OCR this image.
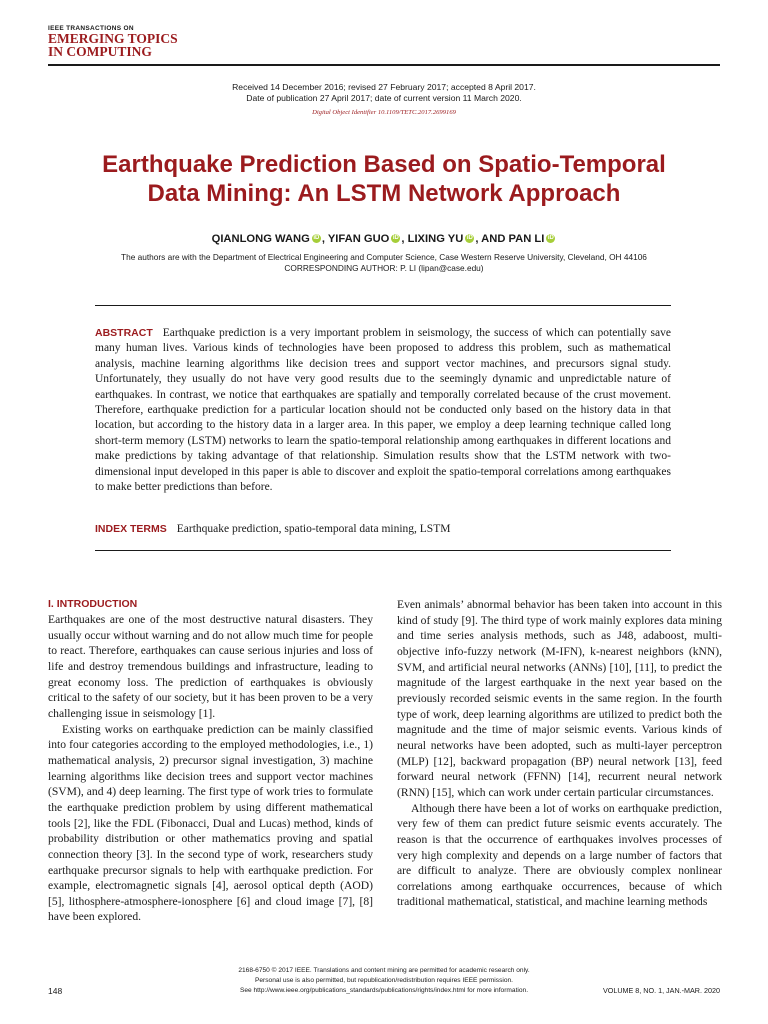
IEEE TRANSACTIONS ON
EMERGING TOPICS
IN COMPUTING
Received 14 December 2016; revised 27 February 2017; accepted 8 April 2017.
Date of publication 27 April 2017; date of current version 11 March 2020.
Digital Object Identifier 10.1109/TETC.2017.2699169
Earthquake Prediction Based on Spatio-Temporal
Data Mining: An LSTM Network Approach
QIANLONG WANG iD , YIFAN GUO iD , LIXING YU iD , AND PAN LI iD
The authors are with the Department of Electrical Engineering and Computer Science, Case Western Reserve University, Cleveland, OH 44106
CORRESPONDING AUTHOR: P. LI (lipan@case.edu)
ABSTRACT Earthquake prediction is a very important problem in seismology, the success of which can potentially save many human lives. Various kinds of technologies have been proposed to address this problem, such as mathematical analysis, machine learning algorithms like decision trees and support vector machines, and precursors signal study. Unfortunately, they usually do not have very good results due to the seemingly dynamic and unpredictable nature of earthquakes. In contrast, we notice that earthquakes are spatially and temporally correlated because of the crust movement. Therefore, earthquake prediction for a particular location should not be conducted only based on the history data in that location, but according to the history data in a larger area. In this paper, we employ a deep learning technique called long short-term memory (LSTM) networks to learn the spatio-temporal relationship among earthquakes in different locations and make predictions by taking advantage of that relationship. Simulation results show that the LSTM network with two-dimensional input developed in this paper is able to discover and exploit the spatio-temporal correlations among earthquakes to make better predictions than before.
INDEX TERMS Earthquake prediction, spatio-temporal data mining, LSTM
I. INTRODUCTION

Earthquakes are one of the most destructive natural disasters. They usually occur without warning and do not allow much time for people to react. Therefore, earthquakes can cause serious injuries and loss of life and destroy tremendous buildings and infrastructure, leading to great economy loss. The prediction of earthquakes is obviously critical to the safety of our society, but it has been proven to be a very challenging issue in seismology [1].

Existing works on earthquake prediction can be mainly classified into four categories according to the employed methodologies, i.e., 1) mathematical analysis, 2) precursor signal investigation, 3) machine learning algorithms like decision trees and support vector machines (SVM), and 4) deep learning. The first type of work tries to formulate the earthquake prediction problem by using different mathematical tools [2], like the FDL (Fibonacci, Dual and Lucas) method, kinds of probability distribution or other mathematics proving and spatial connection theory [3]. In the second type of work, researchers study earthquake precursor signals to help with earthquake prediction. For example, electromagnetic signals [4], aerosol optical depth (AOD) [5], lithosphere-atmosphere-ionosphere [6] and cloud image [7], [8] have been explored.

Even animals’ abnormal behavior has been taken into account in this kind of study [9]. The third type of work mainly explores data mining and time series analysis methods, such as J48, adaboost, multi-objective info-fuzzy network (M-IFN), k-nearest neighbors (kNN), SVM, and artificial neural networks (ANNs) [10], [11], to predict the magnitude of the largest earthquake in the next year based on the previously recorded seismic events in the same region. In the fourth type of work, deep learning algorithms are utilized to predict both the magnitude and the time of major seismic events. Various kinds of neural networks have been adopted, such as multi-layer perceptron (MLP) [12], backward propagation (BP) neural network [13], feed forward neural network (FFNN) [14], recurrent neural network (RNN) [15], which can work under certain particular circumstances.

Although there have been a lot of works on earthquake prediction, very few of them can predict future seismic events accurately. The reason is that the occurrence of earthquakes involves processes of very high complexity and depends on a large number of factors that are difficult to analyze. There are obviously complex nonlinear correlations among earthquake occurrences, because of which traditional mathematical, statistical, and machine learning methods

2168-6750 © 2017 IEEE. Translations and content mining are permitted for academic research only.
Personal use is also permitted, but republication/redistribution requires IEEE permission.
See http://www.ieee.org/publications_standards/publications/rights/index.html for more information.
148	VOLUME 8, NO. 1, JAN.-MAR. 2020
